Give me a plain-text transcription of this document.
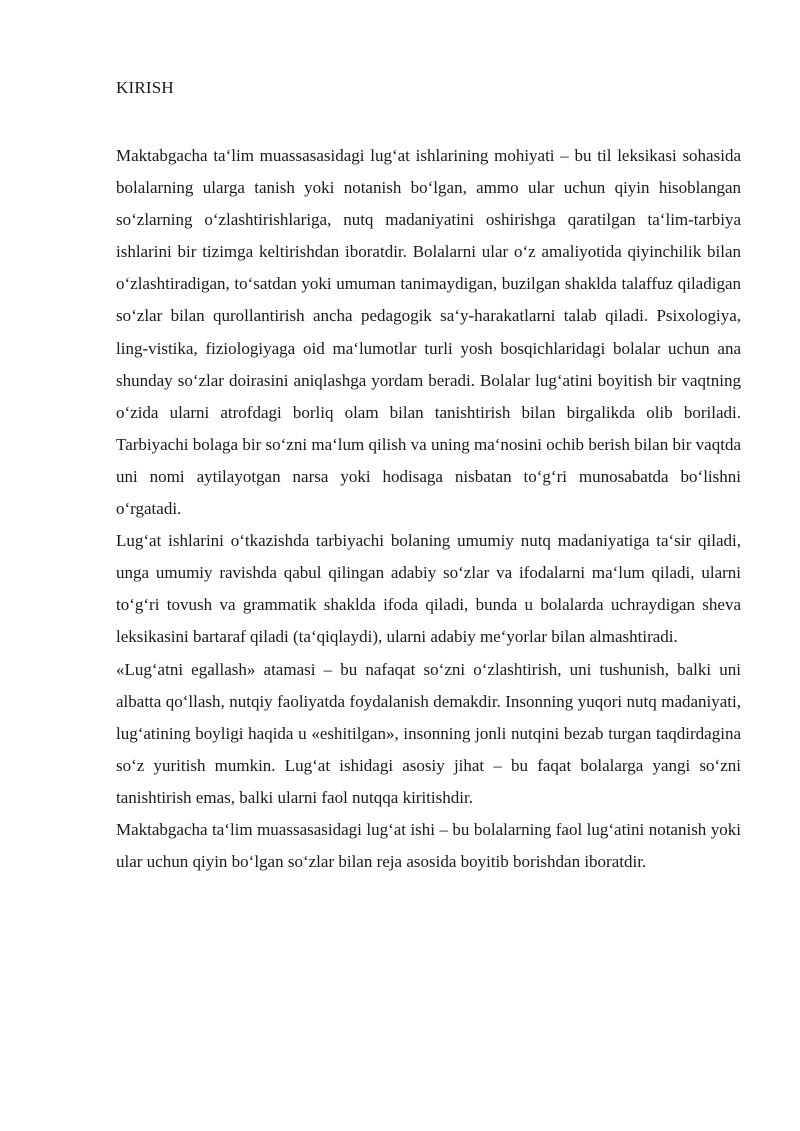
KIRISH

Maktabgacha ta‘lim muassasasidagi lug‘at ishlarining mohiyati – bu til leksikasi sohasida bolalarning ularga tanish yoki notanish bo‘lgan, ammo ular uchun qiyin hisoblangan so‘zlarning o‘zlashtirishlariga, nutq madaniyatini oshirishga qaratilgan ta‘lim-tarbiya ishlarini bir tizimga keltirishdan iboratdir. Bolalarni ular o‘z amaliyotida qiyinchilik bilan o‘zlashtiradigan, to‘satdan yoki umuman tanimaydigan, buzilgan shaklda talaffuz qiladigan so‘zlar bilan qurollantirish ancha pedagogik sa‘y-harakatlarni talab qiladi. Psixologiya, ling-vistika, fiziologiyaga oid ma‘lumotlar turli yosh bosqichlaridagi bolalar uchun ana shunday so‘zlar doirasini aniqlashga yordam beradi. Bolalar lug‘atini boyitish bir vaqtning o‘zida ularni atrofdagi borliq olam bilan tanishtirish bilan birgalikda olib boriladi. Tarbiyachi bolaga bir so‘zni ma‘lum qilish va uning ma‘nosini ochib berish bilan bir vaqtda uni nomi aytilayotgan narsa yoki hodisaga nisbatan to‘g‘ri munosabatda bo‘lishni o‘rgatadi.

Lug‘at ishlarini o‘tkazishda tarbiyachi bolaning umumiy nutq madaniyatiga ta‘sir qiladi, unga umumiy ravishda qabul qilingan adabiy so‘zlar va ifodalarni ma‘lum qiladi, ularni to‘g‘ri tovush va grammatik shaklda ifoda qiladi, bunda u bolalarda uchraydigan sheva leksikasini bartaraf qiladi (ta‘qiqlaydi), ularni adabiy me‘yorlar bilan almashtiradi.

«Lug‘atni egallash» atamasi – bu nafaqat so‘zni o‘zlashtirish, uni tushunish, balki uni albatta qo‘llash, nutqiy faoliyatda foydalanish demakdir. Insonning yuqori nutq madaniyati, lug‘atining boyligi haqida u «eshitilgan», insonning jonli nutqini bezab turgan taqdirdagina so‘z yuritish mumkin. Lug‘at ishidagi asosiy jihat – bu faqat bolalarga yangi so‘zni tanishtirish emas, balki ularni faol nutqqa kiritishdir.

Maktabgacha ta‘lim muassasasidagi lug‘at ishi – bu bolalarning faol lug‘atini notanish yoki ular uchun qiyin bo‘lgan so‘zlar bilan reja asosida boyitib borishdan iboratdir.
